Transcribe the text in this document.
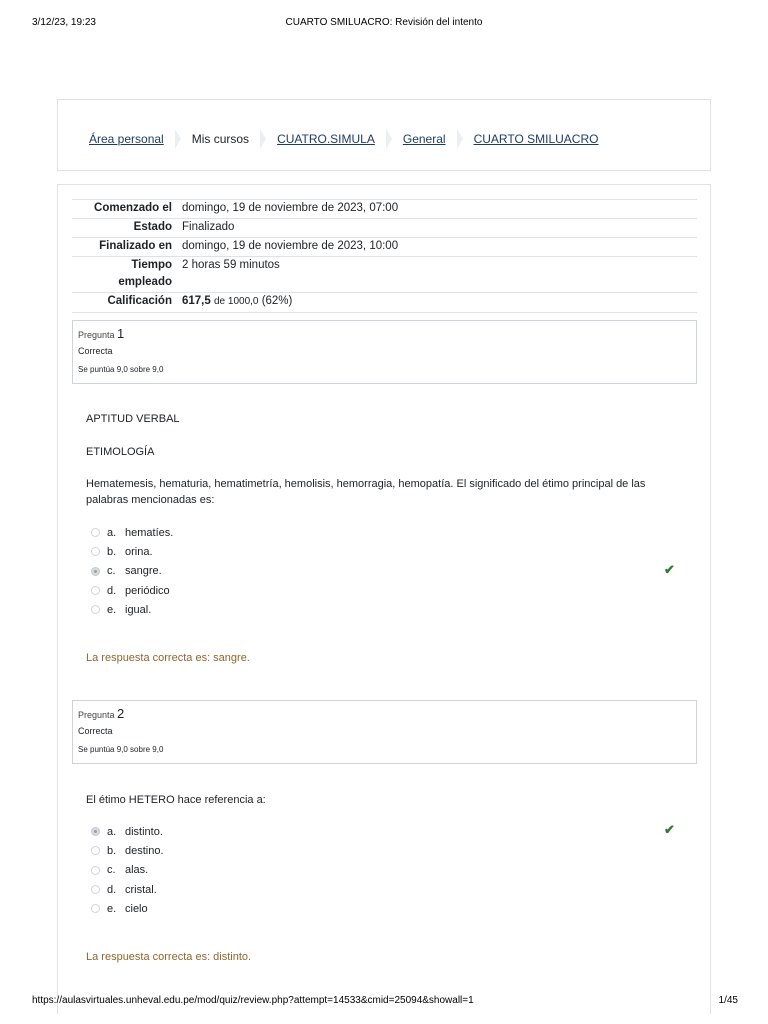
3/12/23, 19:23	CUARTO SMILUACRO: Revisión del intento
Área personal Mis cursos CUATRO.SIMULA General CUARTO SMILUACRO
Comenzado el domingo, 19 de noviembre de 2023, 07:00
Estado Finalizado
Finalizado en domingo, 19 de noviembre de 2023, 10:00
Tiempo
empleado
2 horas 59 minutos
Calificación 617,5 de 1000,0 (62%)
Pregunta 1
Correcta
Se puntúa 9,0 sobre 9,0
APTITUD VERBAL
ETIMOLOGÍA
Hematemesis, hematuria, hematimetría, hemolisis, hemorragia, hemopatía. El significado del étimo principal de las palabras mencionadas es:
a. hematíes.
b. orina.
c. sangre.
d. periódico
e. igual.
✔
La respuesta correcta es: sangre.
Pregunta 2
Correcta
Se puntúa 9,0 sobre 9,0
El étimo HETERO hace referencia a:
a. distinto.
b. destino.
c. alas.
d. cristal.
e. cielo
✔
La respuesta correcta es: distinto.
https://aulasvirtuales.unheval.edu.pe/mod/quiz/review.php?attempt=14533&cmid=25094&showall=1	1/45
